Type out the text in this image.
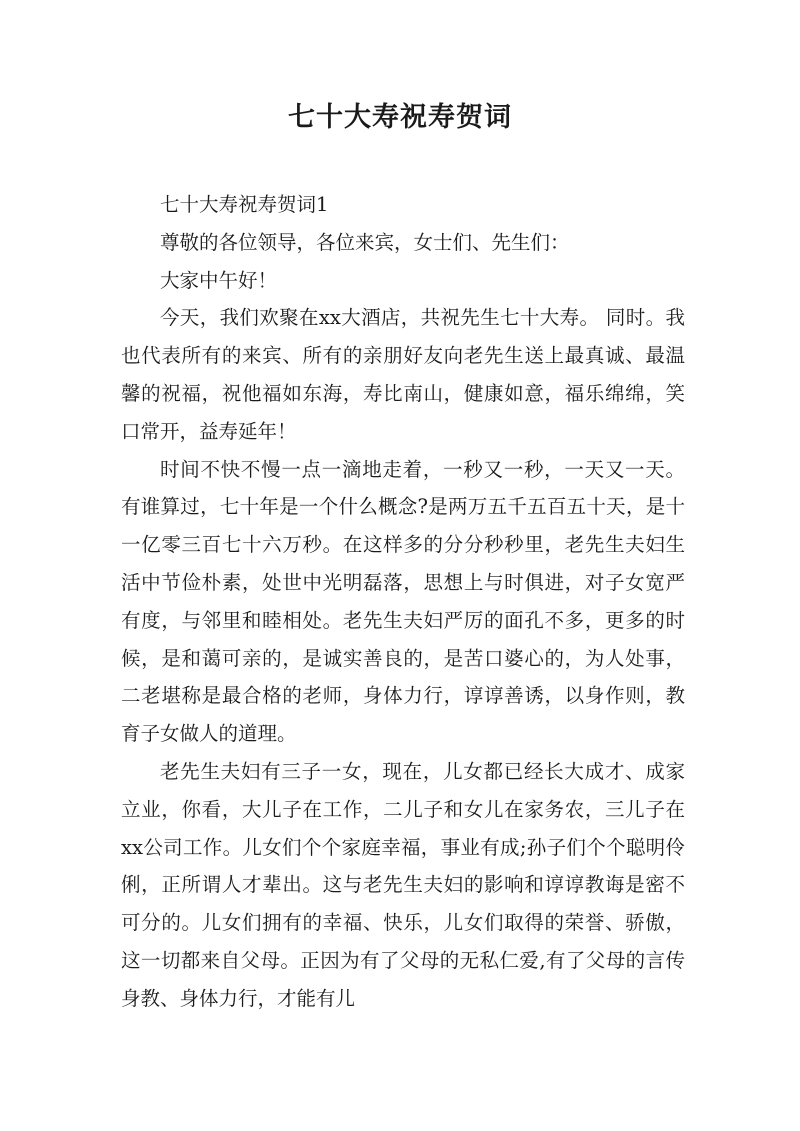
七十大寿祝寿贺词

七十大寿祝寿贺词1

尊敬的各位领导，各位来宾，女士们、先生们：

大家中午好！

今天，我们欢聚在xx大酒店，共祝先生七十大寿。 同时。我也代表所有的来宾、所有的亲朋好友向老先生送上最真诚、最温馨的祝福，祝他福如东海，寿比南山，健康如意，福乐绵绵，笑口常开，益寿延年！

时间不快不慢一点一滴地走着，一秒又一秒，一天又一天。有谁算过，七十年是一个什么概念?是两万五千五百五十天，是十一亿零三百七十六万秒。在这样多的分分秒秒里，老先生夫妇生活中节俭朴素，处世中光明磊落，思想上与时俱进，对子女宽严有度，与邻里和睦相处。老先生夫妇严厉的面孔不多，更多的时候，是和蔼可亲的，是诚实善良的，是苦口婆心的，为人处事，二老堪称是最合格的老师，身体力行，谆谆善诱，以身作则，教育子女做人的道理。

老先生夫妇有三子一女，现在，儿女都已经长大成才、成家立业，你看，大儿子在工作，二儿子和女儿在家务农，三儿子在xx公司工作。儿女们个个家庭幸福，事业有成;孙子们个个聪明伶俐，正所谓人才辈出。这与老先生夫妇的影响和谆谆教诲是密不可分的。儿女们拥有的幸福、快乐，儿女们取得的荣誉、骄傲，这一切都来自父母。正因为有了父母的无私仁爱,有了父母的言传身教、身体力行，才能有儿
